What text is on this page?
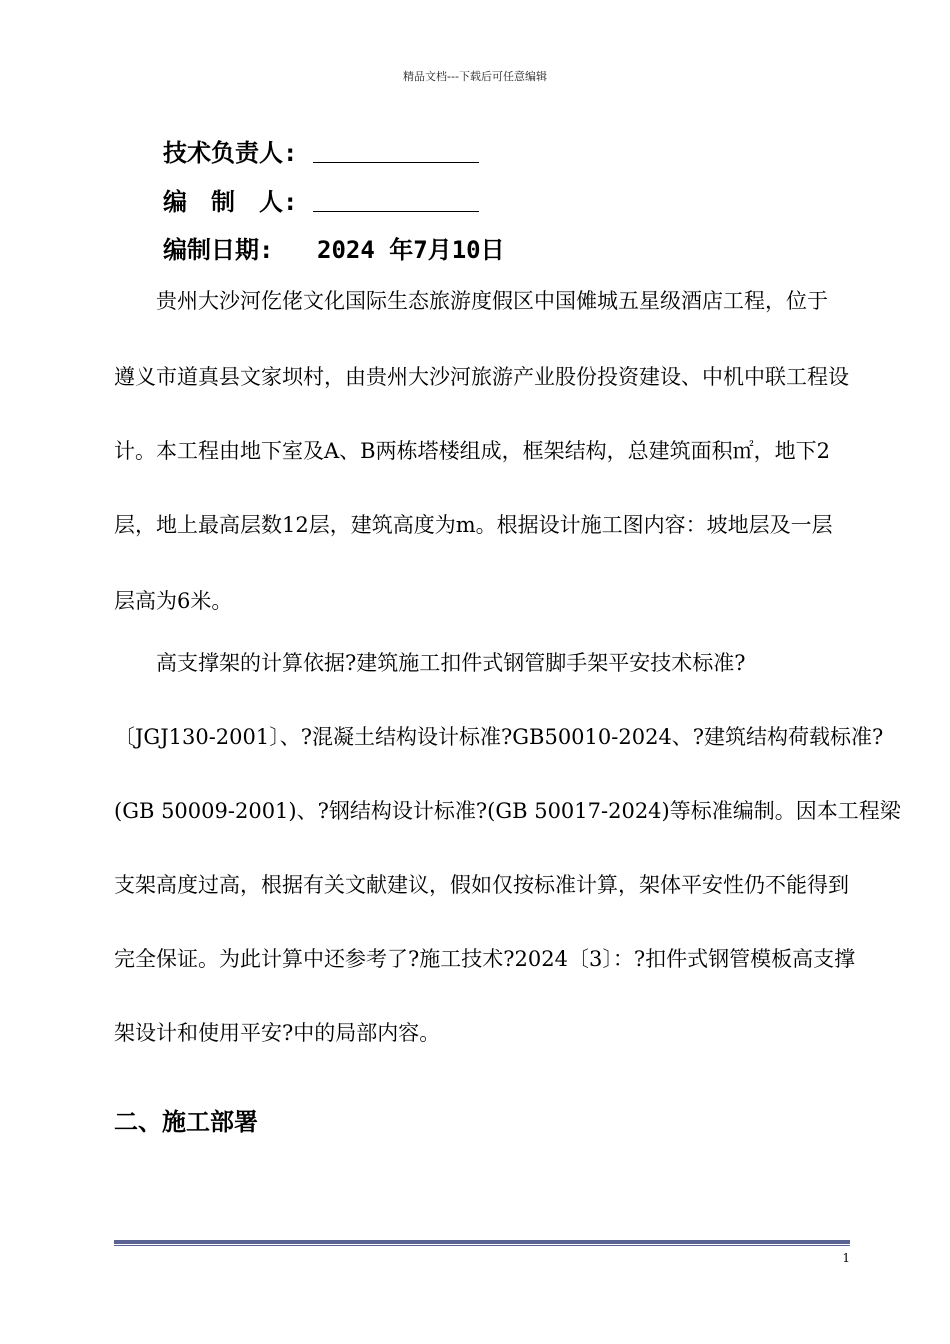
精品文档---下载后可任意编辑
技术负责人:
编　制　人:
编制日期: 2024 年7月10日
　　贵州大沙河仡佬文化国际生态旅游度假区中国傩城五星级酒店工程，位于
遵义市道真县文家坝村，由贵州大沙河旅游产业股份投资建设、中机中联工程设
计。本工程由地下室及A、B两栋塔楼组成，框架结构，总建筑面积㎡，地下2
层，地上最高层数12层，建筑高度为m。根据设计施工图内容：坡地层及一层
层高为6米。
　　高支撑架的计算依据?建筑施工扣件式钢管脚手架平安技术标准?
〔JGJ130-2001〕、?混凝土结构设计标准?GB50010-2024、?建筑结构荷载标准?
(GB 50009-2001)、?钢结构设计标准?(GB 50017-2024)等标准编制。因本工程梁
支架高度过高，根据有关文献建议，假如仅按标准计算，架体平安性仍不能得到
完全保证。为此计算中还参考了?施工技术?2024〔3〕：?扣件式钢管模板高支撑
架设计和使用平安?中的局部内容。
二、施工部署
1
